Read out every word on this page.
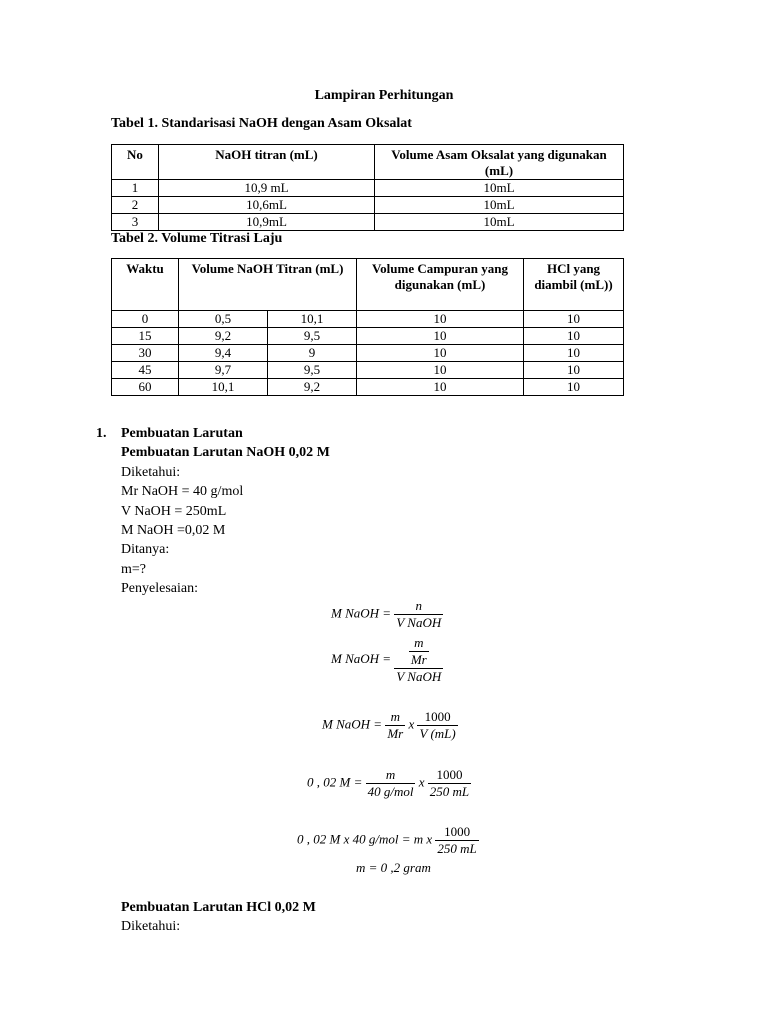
Lampiran Perhitungan
Tabel 1. Standarisasi NaOH dengan Asam Oksalat
No	NaOH titran (mL)	Volume Asam Oksalat yang digunakan (mL)
1	10,9 mL	10mL
2	10,6mL	10mL
3	10,9mL	10mL
Tabel 2. Volume Titrasi Laju
Waktu	Volume NaOH Titran (mL)		Volume Campuran yang digunakan (mL)	HCl yang diambil (mL))
0	0,5	10,1	10	10
15	9,2	9,5	10	10
30	9,4	9	10	10
45	9,7	9,5	10	10
60	10,1	9,2	10	10
1. Pembuatan Larutan
Pembuatan Larutan NaOH 0,02 M
Diketahui:
Mr NaOH = 40 g/mol
V NaOH = 250mL
M NaOH =0,02 M
Ditanya:
m=?
Penyelesaian:
M NaOH = $\frac{n}{\text{V NaOH}}$
M NaOH = $\frac{\frac{m}{Mr}}{\text{V NaOH}}$
M NaOH = $\frac{m}{Mr}$ x $\frac{1000}{V (mL)}$
0 , 02 $M = \frac{m}{\text{40 g/mol}}$ x $\frac{1000}{250 mL}$
0 , 02 M x 40 g/mol = m x $\frac{1000}{250 mL}$
m = 0 ,2 gram
Pembuatan Larutan HCl 0,02 M
Diketahui:
